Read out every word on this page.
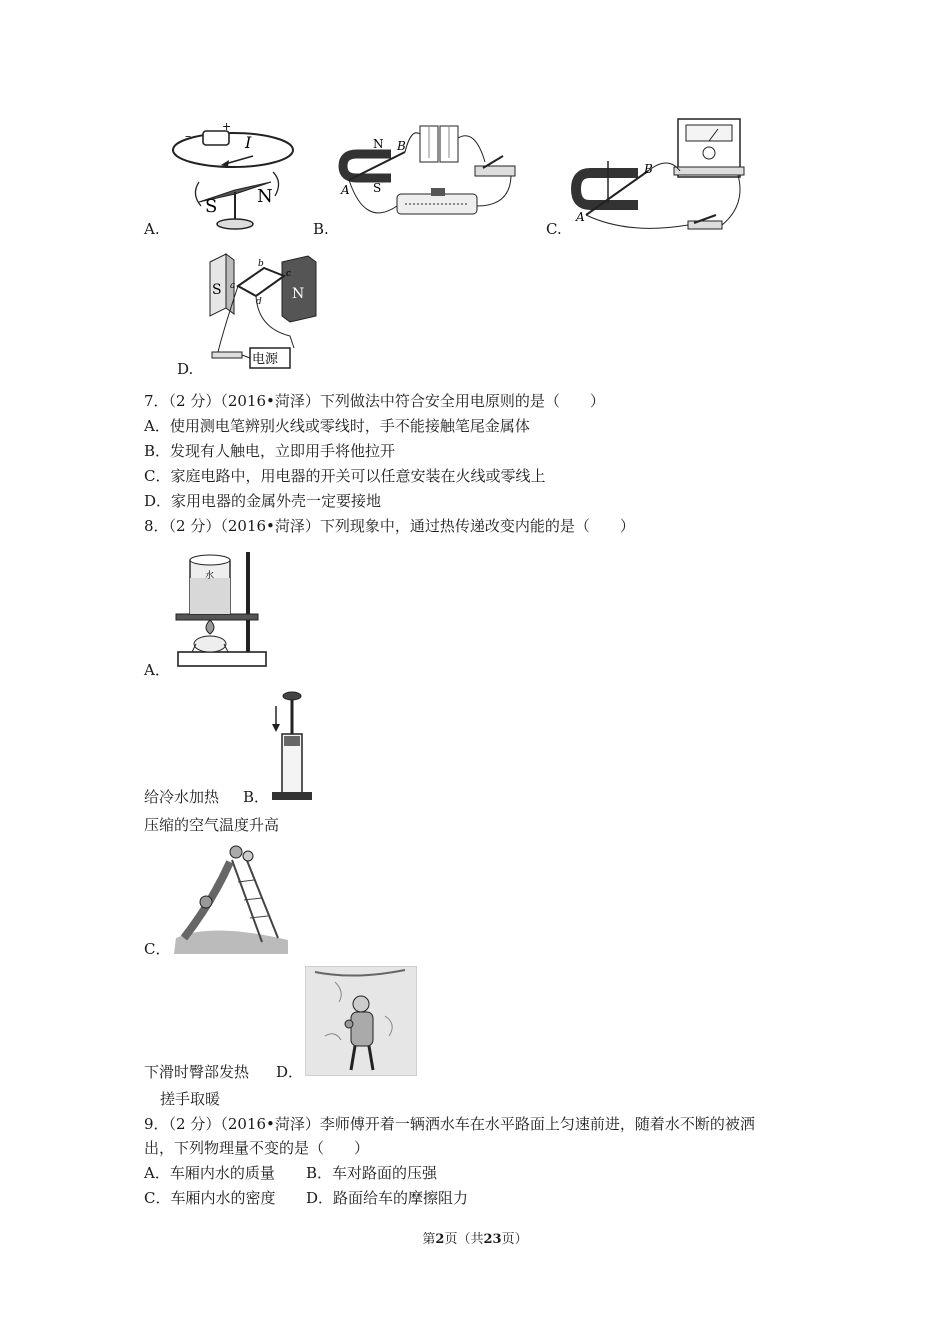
A.
–
+
I
S N
B.
N
S
A
B
C.
A
B
D.
S	N
b
c
a
d
电源
7．（2 分）（2016•菏泽）下列做法中符合安全用电原则的是（　　）
A．使用测电笔辨别火线或零线时，手不能接触笔尾金属体
B．发现有人触电，立即用手将他拉开
C．家庭电路中，用电器的开关可以任意安装在火线或零线上
D．家用电器的金属外壳一定要接地
8．（2 分）（2016•菏泽）下列现象中，通过热传递改变内能的是（　　）
水
A．
给冷水加热 B．
压缩的空气温度升高
C．
下滑时臀部发热 D．
搓手取暖
9．（2 分）（2016•菏泽）李师傅开着一辆洒水车在水平路面上匀速前进，随着水不断的被洒
出，下列物理量不变的是（　　）
A．车厢内水的质量 B．车对路面的压强
C．车厢内水的密度 D．路面给车的摩擦阻力
第2页（共23页）
